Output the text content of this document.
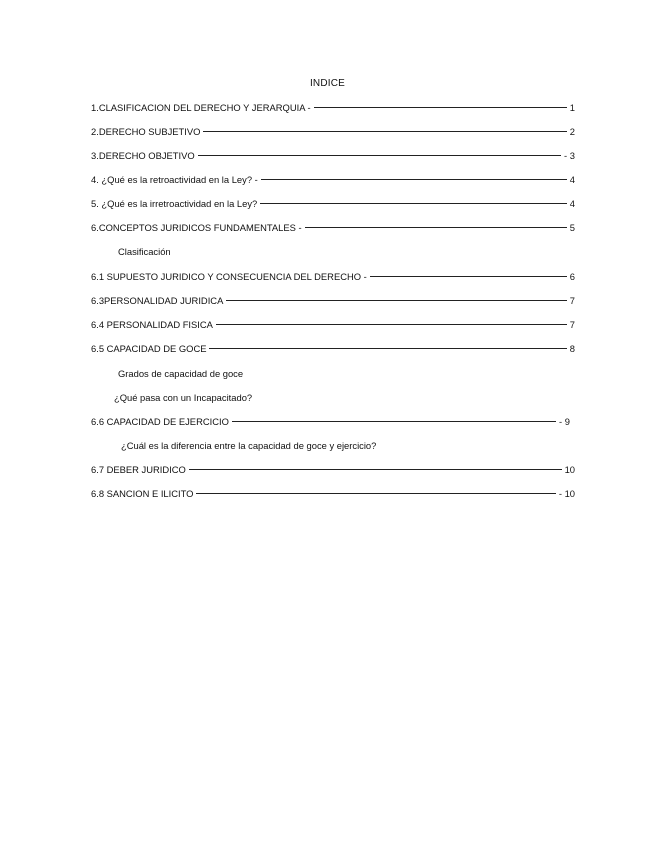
INDICE
1.CLASIFICACION DEL DERECHO Y JERARQUIA -	1
2.DERECHO SUBJETIVO	2
3.DERECHO OBJETIVO	- 3
4. ¿Qué es la retroactividad en la Ley? -	4
5. ¿Qué es la irretroactividad en la Ley?	4
6.CONCEPTOS JURIDICOS FUNDAMENTALES -	5
Clasificación
6.1 SUPUESTO JURIDICO Y CONSECUENCIA DEL DERECHO -	6
6.3PERSONALIDAD JURIDICA	7
6.4 PERSONALIDAD FISICA	7
6.5 CAPACIDAD DE GOCE	8
Grados de capacidad de goce
¿Qué pasa con un Incapacitado?
6.6 CAPACIDAD DE EJERCICIO	- 9
¿Cuál es la diferencia entre la capacidad de goce y ejercicio?
6.7 DEBER JURIDICO	10
6.8 SANCION E ILICITO	- 10
